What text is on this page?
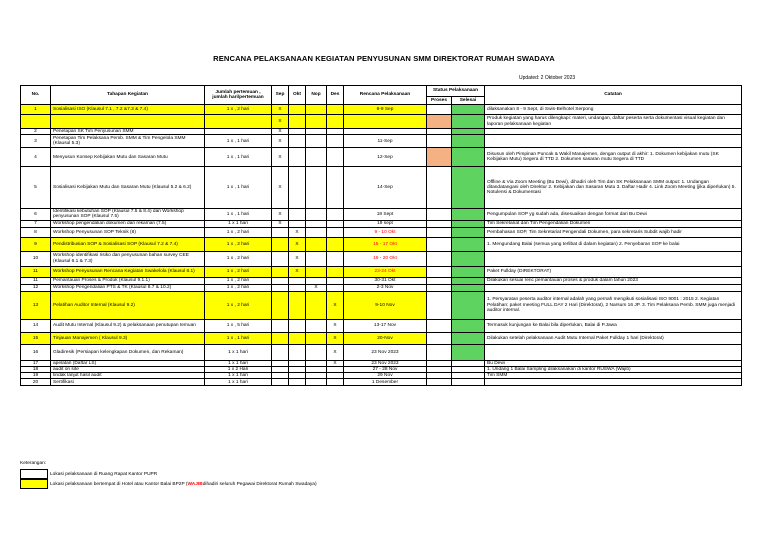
RENCANA PELAKSANAAN KEGIATAN PENYUSUNAN SMM DIREKTORAT RUMAH SWADAYA
Updated: 2 Oktober 2023
No.	Tahapan Kegiatan	Jumlah pertemuan , jumlah hari/pertemuan	Sep	Okt	Nop	Des	Rencana Pelaksanaan	Status Pelaksanaan		Catatan
								Proses	Selesai	
1	Sosialisasi ISO (Klausul 7.1 , 7.2 &7.3 & 7.4)	1 x , 2 hari	X				8-9 Sep			dilaksanakan 8 - 9 Sept, di Swis-Belhotel Serpong
			X							Produk kegiatan yang harus dilengkapi: materi, undangan, daftar peserta serta dokumentasi visual kegiatan dan laporan pelaksanaan kegiatan
2	Penetapan SK Tim Penyusunan SMM		X							
3	Penetapan Tim Pelaksana Pemb. SMM & Tim Pengelola SMM (Klausul 5.3)	1 x , 1 hari	X				11-Sep			
4	Menyusun Konsep Kebijakan Mutu dan Sasaran Mutu	1 x , 1 hari	X				12-Sep			Disusun oleh Pimpinan Puncak & Wakil Manajemen, dengan output di akhir: 1. Dokumen kebijakan mutu (SK Kebijakan Mutu) Segera di TTD 2. Dokumen sasaran mutu Segera di TTD
5	Sosialisasi Kebijakan Mutu dan Sasaran Mutu (Klausul 5.2 & 6.2)	1 x , 1 hari	X				14-Sep			Offline & Via Zoom Meeting (Bu Dewi), dihadiri oleh Tim dan SK Pelaksanaan SMM output: 1. Undangan ditandatangani oleh Direktur 2. Kebijakan dan Sasaran Mutu 3. Daftar Hadir 4. Link Zoom Meeting (jika diperlukan) 5. Notulensi & Dokumentasi
6	Identifikasi kebutuhan SOP (Klausul 7.5 & 8.4) dan Workshop penyusunan SOP (Klausul 7.5)	1 x , 1 hari	X				18 Sept			Pengumpulan SOP yg sudah ada, disesuaikan dengan format dari Bu Dewi
7	Workshop pengendalian dokumen dan rekaman (7.5)	1 x 1 hari	X				19 sept			Tim Sekretariat dan Tim Pengendalian Dokumen
8	Workshop Penyusunan SOP Teknik (8)	1 x , 2 hari		X			9 - 10 Okt			Pembahasan SOP, Tim Sekretariat Pengendali Dokumen, para sekretaris Subdit wajib hadir
9	Pendistribusian SOP & Sosialisasi SOP (Klausul 7.2 & 7.4)	1 x , 2 hari		X			15 - 17 Okt			1. Mengundang Balai (semua yang terlibat di dalam kegiatan) 2. Penyebaran SOP ke balai
10	Workshop identifikasi risiko dan penyusunan bahan survey CEE (Klausul 6.1 & 7.3)	1 x , 2 hari		X			19 - 20 Okt			
11	Workshop Penyusunan Rencana Kegiatan Swakelola (Klausul 8.1)	1 x , 2 hari		X			23-24 Okt			Paket Fullday (DIREKTORAT)
11	Pemantauan Proses & Produk (Klausul 9.1.1)	1 x , 2 hari					30-31 Okt			Dilakukan sesuai renc pemantauan proses & produk dalam tahun 2023
12	Workshop Pengendalian PTS & TK (Klausul 8.7 & 10.2)	1 x , 2 hari			X		2-3 Nov			
13	Pelatihan Auditor Internal (Klausul 9.2)	1 x , 2 hari				X	9-10 Nov			1. Persyaratan peserta auditor internal adalah yang pernah mengikuti sosialisasi ISO 9001 : 2015 2. Kegiatan Pelatihan: paket meeting FULL DAY 2 Hari (Direktorat), 2 Narsum 16 JP. 3. Tim Pelaksana Pemb. SMM juga menjadi auditor internal.
14	Audit Mutu Internal (Klausul 9.2) & pelaksanaan penutupan temuan	1 x , 5 hari				X	13-17 Nov			Termasuk kunjungan ke Balai bila diperlukan, Balai di P.Jawa
15	Tinjauan Manajemen ( Klausul 9.3)	1 x , 1 hari				X	20-Nov			Dilakukan setelah pelaksanaan Audit Mutu Internal Paket Fullday 1 hari (Direktorat)
16	Gladiresik (Persiapan kelengkapan Dokumen, dan Rekaman)	1 x 1 hari				X	23 Nov 2023			
17	apelatan (Daftar LS)	1 x 1 hari				X	23 Nov 2023			Bu Dewi
18	audit on site	1 x 2 Hari					27 - 28 Nov			1. Undang 1 Balai Sampling dilaksanakan di kantor RUSWA (Wajib)
19	tindak lanjut hasil audit	1 x 1 hari					29 Nov			Tim SMM
20	Sertifikasi	1 x 1 hari					1 Desember			
Keterangan:
Lokasi pelaksanaan di Ruang Rapat Kantor PUPR
Lokasi pelaksanaan bertempat di Hotel atau Kantor Balai BP2P ( WAJIB dihadiri seluruh Pegawai Direktorat Rumah Swadaya)
